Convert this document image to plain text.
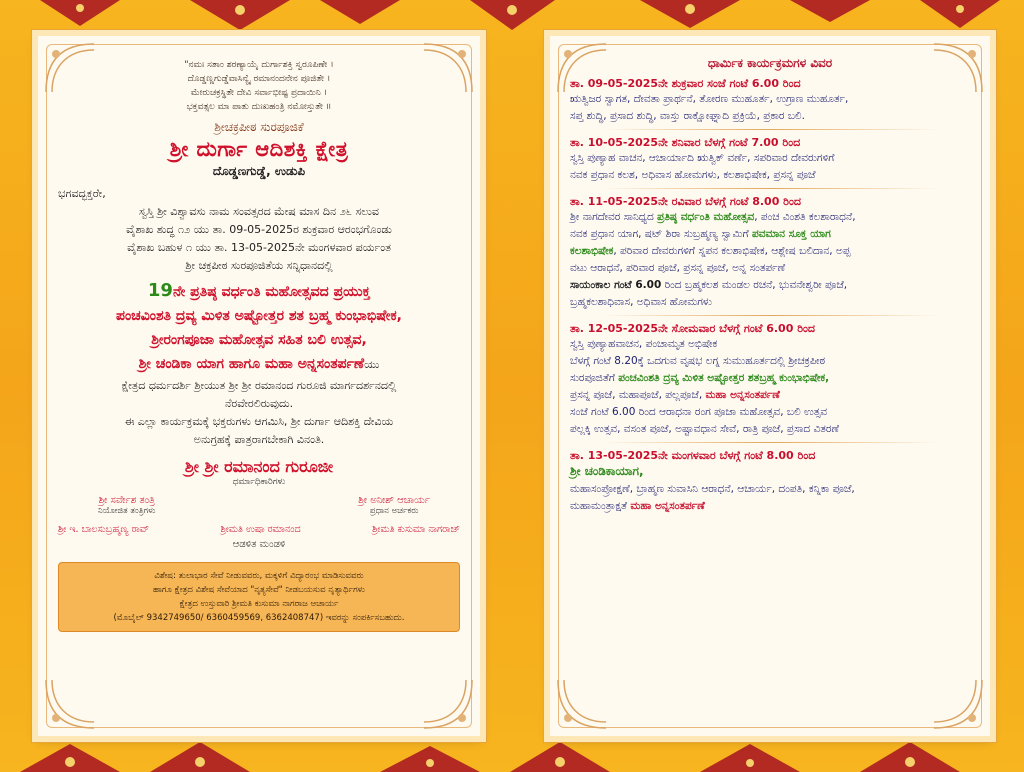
"ನಮಃ ಸತಾಂ ಶರಣ್ಯಾಯೈ ದುರ್ಗಾಶಕ್ತಿ ಸ್ವರೂಪಿಣೇ ।
ದೊಡ್ಡಣ್ಣಗುಡ್ಡೆವಾಸಿನ್ಯೈ ರಮಾನಂದನೇನ ಪೂಜಿತೇ ।
ಮೇರುಚಕ್ರಸ್ಥಿತೇ ದೇವಿ ಸರ್ವಾಭೀಷ್ಟ ಪ್ರದಾಯಿನಿ ।
ಭಕ್ತವತ್ಸಲ ಮಾ ಪಾತು ದುಃಖಹಂತ್ರಿ ನಮೋಸ್ತುತೇ ॥
ಶ್ರೀಚಕ್ರಪೀಠ ಸುರಪೂಜಿಕೆ
ಶ್ರೀ ದುರ್ಗಾ ಆದಿಶಕ್ತಿ ಕ್ಷೇತ್ರ
ದೊಡ್ಡಣಗುಡ್ಡೆ, ಉಡುಪಿ
ಭಗವದ್ಭಕ್ತರೇ,
ಸ್ವಸ್ತಿ ಶ್ರೀ ವಿಶ್ವಾವಸು ನಾಮ ಸಂವತ್ಸರದ ಮೇಷ ಮಾಸ ದಿನ ೨೬ ಸಲುವ
ವೈಶಾಖ ಶುದ್ಧ ೧೨ ಯು ತಾ. 09-05-2025ರ ಶುಕ್ರವಾರ ಆರಂಭಗೊಂಡು
ವೈಶಾಖ ಬಹುಳ ೧ ಯು ತಾ. 13-05-2025ನೇ ಮಂಗಳವಾರ ಪರ್ಯಂತ
ಶ್ರೀ ಚಕ್ರಪೀಠ ಸುರಪೂಜಿತೆಯ ಸನ್ನಿಧಾನದಲ್ಲಿ
19ನೇ ಪ್ರತಿಷ್ಠ ವರ್ಧಂತಿ ಮಹೋತ್ಸವದ ಪ್ರಯುಕ್ತ
ಪಂಚವಿಂಶತಿ ದ್ರವ್ಯ ಮಿಳಿತ ಅಷ್ಟೋತ್ತರ ಶತ ಬ್ರಹ್ಮ ಕುಂಭಾಭಿಷೇಕ,
ಶ್ರೀರಂಗಪೂಜಾ ಮಹೋತ್ಸವ ಸಹಿತ ಬಲಿ ಉತ್ಸವ,
ಶ್ರೀ ಚಂಡಿಕಾ ಯಾಗ ಹಾಗೂ ಮಹಾ ಅನ್ನಸಂತರ್ಪಣೆಯು
ಕ್ಷೇತ್ರದ ಧರ್ಮದರ್ಶಿ ಶ್ರೀಯುತ ಶ್ರೀ ಶ್ರೀ ರಮಾನಂದ ಗುರೂಜಿ ಮಾರ್ಗದರ್ಶನದಲ್ಲಿ
ನೆರವೇರಲಿರುವುದು.
ಈ ಎಲ್ಲಾ ಕಾರ್ಯಕ್ರಮಕ್ಕೆ ಭಕ್ತರುಗಳು ಆಗಮಿಸಿ, ಶ್ರೀ ದುರ್ಗಾ ಆದಿಶಕ್ತಿ ದೇವಿಯ
ಅನುಗ್ರಹಕ್ಕೆ ಪಾತ್ರರಾಗಬೇಕಾಗಿ ವಿನಂತಿ.
ಶ್ರೀ ಶ್ರೀ ರಮಾನಂದ ಗುರೂಜೀ
ಧರ್ಮಾಧಿಕಾರಿಗಳು
ಶ್ರೀ ಸರ್ವೇಶ ತಂತ್ರಿ
ನಿಯೋಜಿತ ತಂತ್ರಿಗಳು
ಶ್ರೀ ಅನೀಶ್ ಆಚಾರ್ಯ
ಪ್ರಧಾನ ಅರ್ಚಕರು
ಶ್ರೀ ಇ. ಬಾಲಸುಬ್ರಹ್ಮಣ್ಯ ರಾವ್	ಶ್ರೀಮತಿ ಉಷಾ ರಮಾನಂದ	ಶ್ರೀಮತಿ ಕುಸುಮಾ ನಾಗರಾಜ್
ಆಡಳಿತ ಮಂಡಳಿ
ವಿಶೇಷ: ತುಲಾಭಾರ ಸೇವೆ ನೀಡುವವರು, ಮಕ್ಕಳಿಗೆ ವಿದ್ಯಾರಂಭ ಮಾಡಿಸುವವರು
ಹಾಗೂ ಕ್ಷೇತ್ರದ ವಿಶೇಷ ಸೇವೆಯಾದ "ನೃತ್ಯಸೇವೆ" ನೀಡಬಯಸುವ ನೃತ್ಯಾರ್ಥಿಗಳು
ಕ್ಷೇತ್ರದ ಉಸ್ತುವಾರಿ ಶ್ರೀಮತಿ ಕುಸುಮಾ ನಾಗರಾಜ ಆಚಾರ್ಯ
(ಮೊಬೈಲ್ 9342749650/ 6360459569, 6362408747) ಇವರನ್ನು ಸಂಪರ್ಕಿಸಬಹುದು.
ಧಾರ್ಮಿಕ ಕಾರ್ಯಕ್ರಮಗಳ ವಿವರ
ತಾ. 09-05-2025ನೇ ಶುಕ್ರವಾರ ಸಂಜೆ ಗಂಟೆ 6.00 ರಿಂದ
ಋತ್ವಿಜರ ಸ್ವಾಗತ, ದೇವತಾ ಪ್ರಾರ್ಥನೆ, ತೋರಣ ಮುಹೂರ್ತ, ಉಗ್ರಾಣ ಮುಹೂರ್ತ,
ಸಪ್ತ ಶುದ್ಧಿ, ಪ್ರಸಾದ ಶುದ್ಧಿ, ವಾಸ್ತು ರಾಕ್ಷೋಘ್ನಾದಿ ಪ್ರಕ್ರಿಯೆ, ಪ್ರಕಾರ ಬಲಿ.
ತಾ. 10-05-2025ನೇ ಶನಿವಾರ ಬೆಳಗ್ಗೆ ಗಂಟೆ 7.00 ರಿಂದ
ಸ್ವಸ್ತಿ ಪುಣ್ಯಾಹ ವಾಚನ, ಆಚಾರ್ಯಾದಿ ಋತ್ವಿಕ್ ವರ್ಣೆ, ಸಪರಿವಾರ ದೇವರುಗಳಿಗೆ
ನವಕ ಪ್ರಧಾನ ಕಲಶ, ಅಧಿವಾಸ ಹೋಮಗಳು, ಕಲಶಾಭಿಷೇಕ, ಪ್ರಸನ್ನ ಪೂಜೆ
ತಾ. 11-05-2025ನೇ ರವಿವಾರ ಬೆಳಗ್ಗೆ ಗಂಟೆ 8.00 ರಿಂದ
ಶ್ರೀ ನಾಗದೇವರ ಸಾನಿಧ್ಯದ ಪ್ರತಿಷ್ಠ ವರ್ಧಂತಿ ಮಹೋತ್ಸವ, ಪಂಚ ವಿಂಶತಿ ಕಲಶಾರಾಧನೆ,
ನವಕ ಪ್ರಧಾನ ಯಾಗ, ಷಟ್ ಶಿರಾ ಸುಬ್ರಹ್ಮಣ್ಯ ಸ್ವಾಮಿಗೆ ಪವಮಾನ ಸೂಕ್ತ ಯಾಗ
ಕಲಶಾಭಿಷೇಕ, ಪರಿವಾರ ದೇವರುಗಳಿಗೆ ಸ್ನಪನ ಕಲಶಾಭಿಷೇಕ, ಆಶ್ಲೇಷ ಬಲಿದಾನ, ಅಪ್ಪ
ವಟು ಆರಾಧನೆ, ಪರಿವಾರ ಪೂಜೆ, ಪ್ರಸನ್ನ ಪೂಜೆ, ಅನ್ನ ಸಂತರ್ಪಣೆ
ಸಾಯಂಕಾಲ ಗಂಟೆ 6.00 ರಿಂದ ಬ್ರಹ್ಮಕಲಶ ಮಂಡಲ ರಚನೆ, ಭುವನೇಶ್ವರೀ ಪೂಜೆ,
ಬ್ರಹ್ಮಕಲಶಾಧಿವಾಸ, ಅಧಿವಾಸ ಹೋಮಗಳು
ತಾ. 12-05-2025ನೇ ಸೋಮವಾರ ಬೆಳಗ್ಗೆ ಗಂಟೆ 6.00 ರಿಂದ
ಸ್ವಸ್ತಿ ಪುಣ್ಯಾಹವಾಚನ, ಪಂಚಾಮೃತ ಅಭಿಷೇಕ
ಬೆಳಗ್ಗೆ ಗಂಟೆ 8.20ಕ್ಕೆ ಒದಗುವ ವೃಷಭ ಲಗ್ನ ಸುಮುಹೂರ್ತದಲ್ಲಿ ಶ್ರೀಚಕ್ರಪೀಠ
ಸುರಪೂಜಿತೆಗೆ ಪಂಚವಿಂಶತಿ ದ್ರವ್ಯ ಮಿಳಿತ ಅಷ್ಟೋತ್ತರ ಶತಬ್ರಹ್ಮ ಕುಂಭಾಭಿಷೇಕ,
ಪ್ರಸನ್ನ ಪೂಜೆ, ಮಹಾಪೂಜೆ, ಪಲ್ಲಪೂಜೆ, ಮಹಾ ಅನ್ನಸಂತರ್ಪಣೆ
ಸಂಜೆ ಗಂಟೆ 6.00 ರಿಂದ ಆರಾಧನಾ ರಂಗ ಪೂಜಾ ಮಹೋತ್ಸವ, ಬಲಿ ಉತ್ಸವ
ಪಲ್ಲಕ್ಕಿ ಉತ್ಸವ, ವಸಂತ ಪೂಜೆ, ಅಷ್ಟಾವಧಾನ ಸೇವೆ, ರಾತ್ರಿ ಪೂಜೆ, ಪ್ರಸಾದ ವಿತರಣೆ
ತಾ. 13-05-2025ನೇ ಮಂಗಳವಾರ ಬೆಳಗ್ಗೆ ಗಂಟೆ 8.00 ರಿಂದ
ಶ್ರೀ ಚಂಡಿಕಾಯಾಗ,
ಮಹಾಸಂಪ್ರೋಕ್ಷಣೆ, ಬ್ರಾಹ್ಮಣ ಸುವಾಸಿನಿ ಆರಾಧನೆ, ಆಚಾರ್ಯ, ದಂಪತಿ, ಕನ್ನಿಕಾ ಪೂಜೆ,
ಮಹಾಮಂತ್ರಾಕ್ಷತೆ ಮಹಾ ಅನ್ನಸಂತರ್ಪಣೆ
